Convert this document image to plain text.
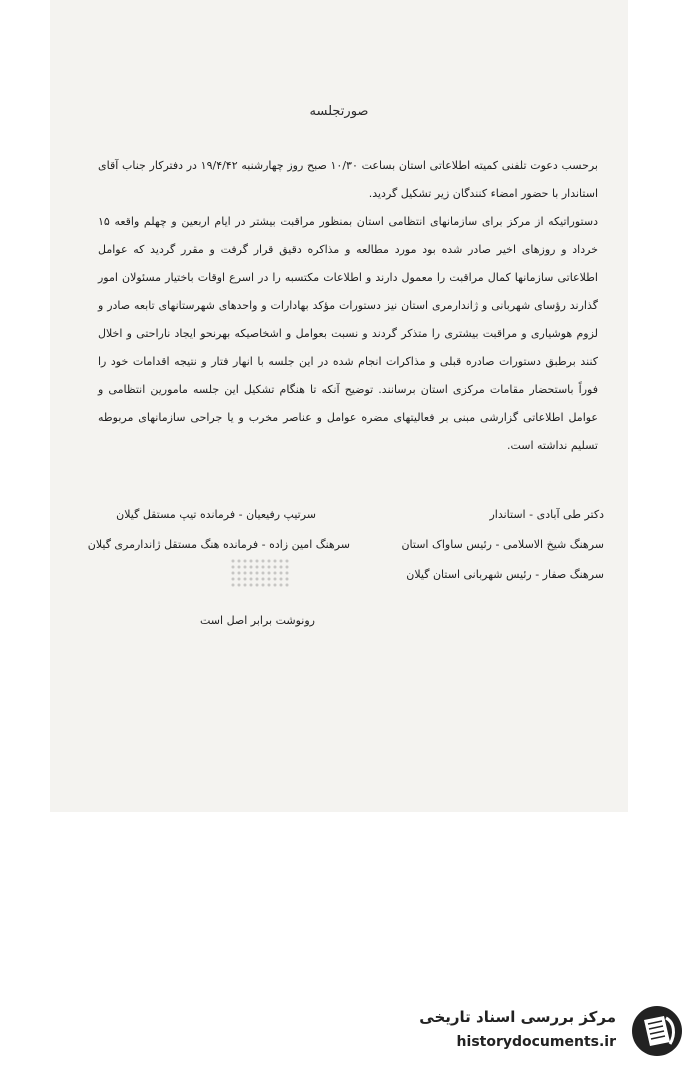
صورتجلسه

برحسب دعوت تلفنی کمیته اطلاعاتی استان بساعت ۱۰/۳۰ صبح روز چهارشنبه ۱۹/۴/۴۲ در دفترکار جناب آقای استاندار با حضور امضاء کنندگان زیر تشکیل گردید.

دستوراتیکه از مرکز برای سازمانهای انتظامی استان بمنظور مراقبت بیشتر در ایام اربعین و چهلم واقعه ۱۵ خرداد و روزهای اخیر صادر شده بود مورد مطالعه و مذاکره دقیق قرار گرفت و مقرر گردید که عوامل اطلاعاتی سازمانها کمال مراقبت را معمول دارند و اطلاعات مکتسبه را در اسرع اوقات باختیار مسئولان امور گذارند رؤسای شهربانی و ژاندارمری استان نیز دستورات مؤکد بهادارات و واحدهای شهرستانهای تابعه صادر و لزوم هوشیاری و مراقبت بیشتری را متذکر گردند و نسبت بعوامل و اشخاصیکه بهرنحو ایجاد ناراحتی و اخلال کنند برطبق دستورات صادره قبلی و مذاکرات انجام شده در این جلسه با انهار فتار و نتیجه اقدامات خود را فوراً باستحضار مقامات مرکزی استان برسانند. توضیح آنکه تا هنگام تشکیل این جلسه مامورین انتظامی و عوامل اطلاعاتی گزارشی مبنی بر فعالیتهای مضره عوامل و عناصر مخرب و یا جراحی سازمانهای مربوطه تسلیم نداشته است.

دکتر طی آبادی - استاندار
سرتیپ رفیعیان - فرمانده تیپ مستقل گیلان
سرهنگ شیخ الاسلامی - رئیس ساواک استان
سرهنگ امین زاده - فرمانده هنگ مستقل ژاندارمری گیلان
سرهنگ صفار - رئیس شهربانی استان گیلان
رونوشت برابر اصل است
مرکز بررسی اسناد تاریخی
historydocuments.ir
